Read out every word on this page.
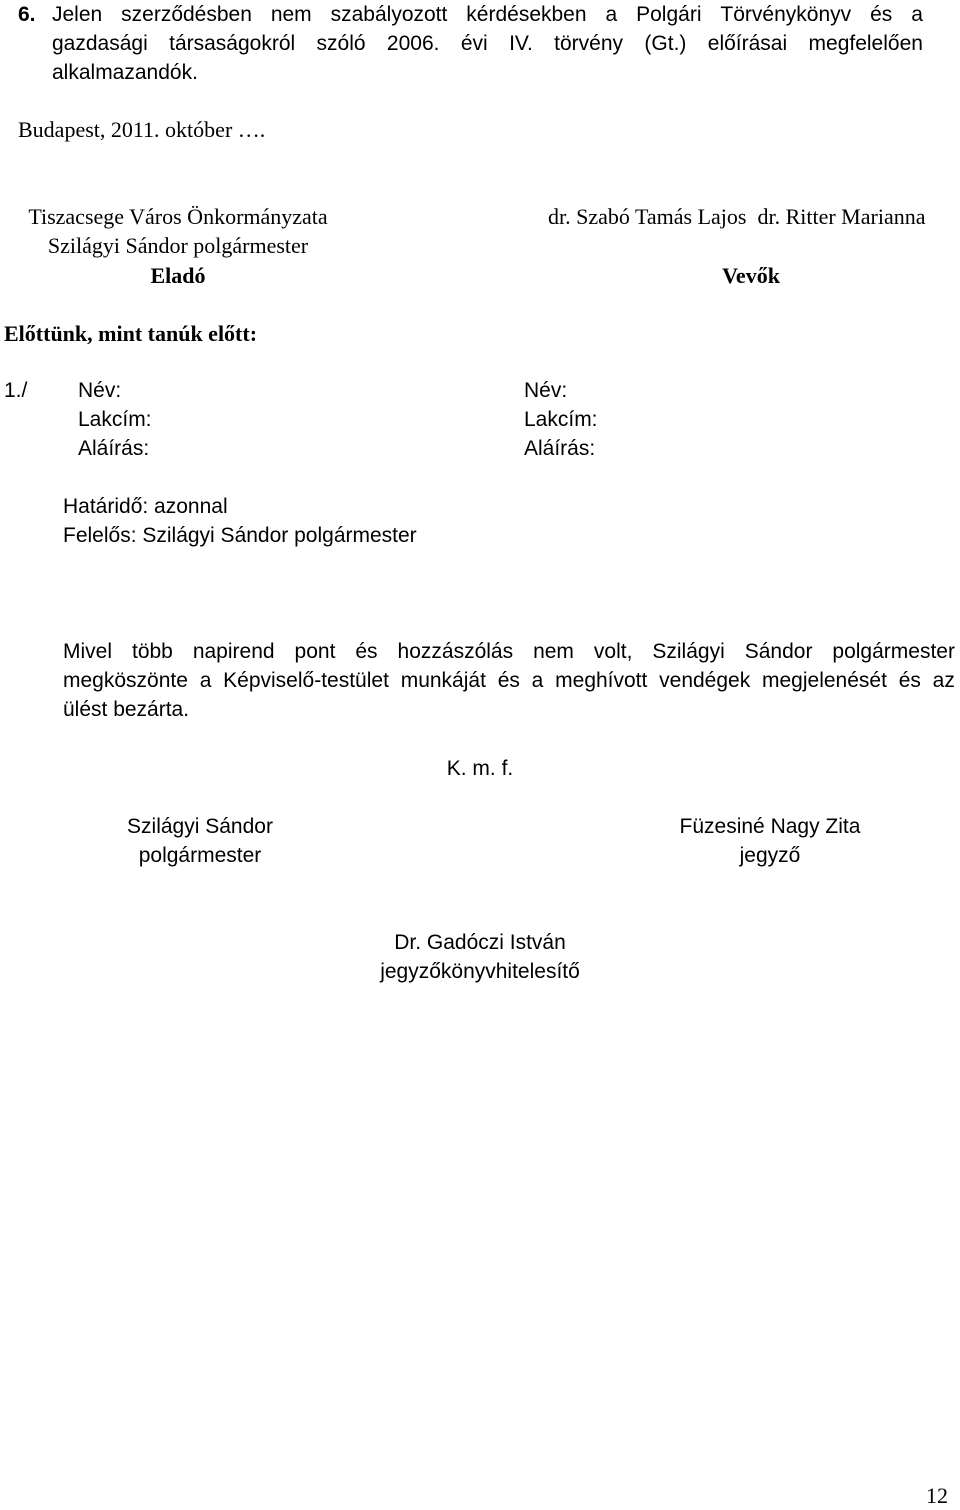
6. Jelen szerződésben nem szabályozott kérdésekben a Polgári Törvénykönyv és a
gazdasági társaságokról szóló 2006. évi IV. törvény (Gt.) előírásai megfelelően
alkalmazandók.
Budapest, 2011. október ….
Tiszacsege Város Önkormányzata
Szilágyi Sándor polgármester
Eladó
dr. Szabó Tamás Lajos  dr. Ritter Marianna
Vevők
Előttünk, mint tanúk előtt:
1./ Név:
Lakcím:
Aláírás:
Név:
Lakcím:
Aláírás:
Határidő: azonnal
Felelős: Szilágyi Sándor polgármester
Mivel több napirend pont és hozzászólás nem volt, Szilágyi Sándor polgármester
megköszönte a Képviselő-testület munkáját és a meghívott vendégek megjelenését és az
ülést bezárta.
K. m. f.
Szilágyi Sándor
polgármester
Füzesiné Nagy Zita
jegyző
Dr. Gadóczi István
jegyzőkönyvhitelesítő
12
